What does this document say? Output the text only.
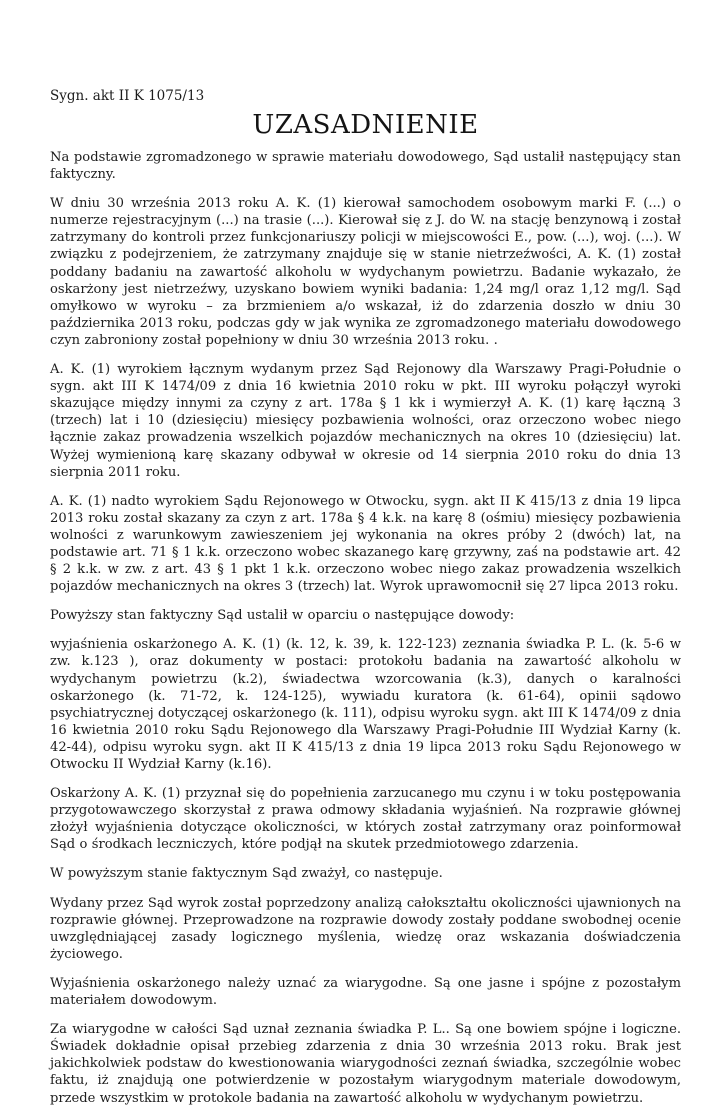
Sygn. akt II K 1075/13

UZASADNIENIE

Na podstawie zgromadzonego w sprawie materiału dowodowego, Sąd ustalił następujący stan faktyczny.

W dniu 30 września 2013 roku A. K. (1) kierował samochodem osobowym marki F. (...) o numerze rejestracyjnym (...) na trasie (...). Kierował się z J. do W. na stację benzynową i został zatrzymany do kontroli przez funkcjonariuszy policji w miejscowości E., pow. (...), woj. (...). W związku z podejrzeniem, że zatrzymany znajduje się w stanie nietrzeźwości, A. K. (1) został poddany badaniu na zawartość alkoholu w wydychanym powietrzu. Badanie wykazało, że oskarżony jest nietrzeźwy, uzyskano bowiem wyniki badania: 1,24 mg/l oraz 1,12 mg/l. Sąd omyłkowo w wyroku – za brzmieniem a/o wskazał, iż do zdarzenia doszło w dniu 30 października 2013 roku, podczas gdy w jak wynika ze zgromadzonego materiału dowodowego czyn zabroniony został popełniony w dniu 30 września 2013 roku. .

A. K. (1) wyrokiem łącznym wydanym przez Sąd Rejonowy dla Warszawy Pragi-Południe o sygn. akt III K 1474/09 z dnia 16 kwietnia 2010 roku w pkt. III wyroku połączył wyroki skazujące między innymi za czyny z art. 178a § 1 kk i wymierzył A. K. (1) karę łączną 3 (trzech) lat i 10 (dziesięciu) miesięcy pozbawienia wolności, oraz orzeczono wobec niego łącznie zakaz prowadzenia wszelkich pojazdów mechanicznych na okres 10 (dziesięciu) lat. Wyżej wymienioną karę skazany odbywał w okresie od 14 sierpnia 2010 roku do dnia 13 sierpnia 2011 roku.

A. K. (1) nadto wyrokiem Sądu Rejonowego w Otwocku, sygn. akt II K 415/13 z dnia 19 lipca 2013 roku został skazany za czyn z art. 178a § 4 k.k. na karę 8 (ośmiu) miesięcy pozbawienia wolności z warunkowym zawieszeniem jej wykonania na okres próby 2 (dwóch) lat, na podstawie art. 71 § 1 k.k. orzeczono wobec skazanego karę grzywny, zaś na podstawie art. 42 § 2 k.k. w zw. z art. 43 § 1 pkt 1 k.k. orzeczono wobec niego zakaz prowadzenia wszelkich pojazdów mechanicznych na okres 3 (trzech) lat. Wyrok uprawomocnił się 27 lipca 2013 roku.

Powyższy stan faktyczny Sąd ustalił w oparciu o następujące dowody:

wyjaśnienia oskarżonego A. K. (1) (k. 12, k. 39, k. 122-123) zeznania świadka P. L. (k. 5-6 w zw. k.123 ), oraz dokumenty w postaci: protokołu badania na zawartość alkoholu w wydychanym powietrzu (k.2), świadectwa wzorcowania (k.3), danych o karalności oskarżonego (k. 71-72, k. 124-125), wywiadu kuratora (k. 61-64), opinii sądowo psychiatrycznej dotyczącej oskarżonego (k. 111), odpisu wyroku sygn. akt III K 1474/09 z dnia 16 kwietnia 2010 roku Sądu Rejonowego dla Warszawy Pragi-Południe III Wydział Karny (k. 42-44), odpisu wyroku sygn. akt II K 415/13 z dnia 19 lipca 2013 roku Sądu Rejonowego w Otwocku II Wydział Karny (k.16).

Oskarżony A. K. (1) przyznał się do popełnienia zarzucanego mu czynu i w toku postępowania przygotowawczego skorzystał z prawa odmowy składania wyjaśnień. Na rozprawie głównej złożył wyjaśnienia dotyczące okoliczności, w których został zatrzymany oraz poinformował Sąd o środkach leczniczych, które podjął na skutek przedmiotowego zdarzenia.

W powyższym stanie faktycznym Sąd zważył, co następuje.

Wydany przez Sąd wyrok został poprzedzony analizą całokształtu okoliczności ujawnionych na rozprawie głównej. Przeprowadzone na rozprawie dowody zostały poddane swobodnej ocenie uwzględniającej zasady logicznego myślenia, wiedzę oraz wskazania doświadczenia życiowego.

Wyjaśnienia oskarżonego należy uznać za wiarygodne. Są one jasne i spójne z pozostałym materiałem dowodowym.

Za wiarygodne w całości Sąd uznał zeznania świadka P. L.. Są one bowiem spójne i logiczne. Świadek dokładnie opisał przebieg zdarzenia z dnia 30 września 2013 roku. Brak jest jakichkolwiek podstaw do kwestionowania wiarygodności zeznań świadka, szczególnie wobec faktu, iż znajdują one potwierdzenie w pozostałym wiarygodnym materiale dowodowym, przede wszystkim w protokole badania na zawartość alkoholu w wydychanym powietrzu.
